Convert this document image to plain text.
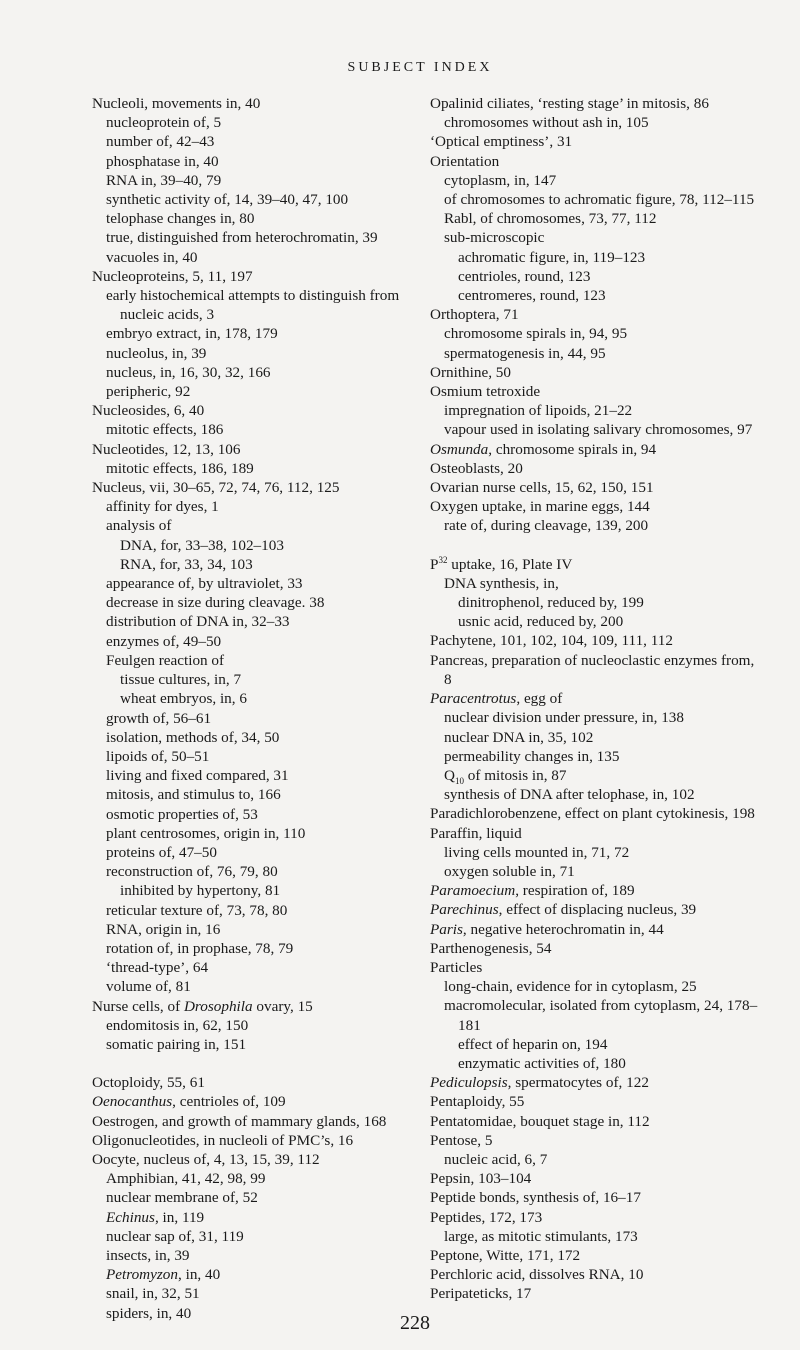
SUBJECT INDEX
Nucleoli, movements in, 40
nucleoprotein of, 5
number of, 42–43
phosphatase in, 40
RNA in, 39–40, 79
synthetic activity of, 14, 39–40, 47, 100
telophase changes in, 80
true, distinguished from heterochromatin, 39
vacuoles in, 40
Nucleoproteins, 5, 11, 197
early histochemical attempts to distinguish from nucleic acids, 3
embryo extract, in, 178, 179
nucleolus, in, 39
nucleus, in, 16, 30, 32, 166
peripheric, 92
Nucleosides, 6, 40
mitotic effects, 186
Nucleotides, 12, 13, 106
mitotic effects, 186, 189
Nucleus, vii, 30–65, 72, 74, 76, 112, 125
affinity for dyes, 1
analysis of
DNA, for, 33–38, 102–103
RNA, for, 33, 34, 103
appearance of, by ultraviolet, 33
decrease in size during cleavage. 38
distribution of DNA in, 32–33
enzymes of, 49–50
Feulgen reaction of
tissue cultures, in, 7
wheat embryos, in, 6
growth of, 56–61
isolation, methods of, 34, 50
lipoids of, 50–51
living and fixed compared, 31
mitosis, and stimulus to, 166
osmotic properties of, 53
plant centrosomes, origin in, 110
proteins of, 47–50
reconstruction of, 76, 79, 80
inhibited by hypertony, 81
reticular texture of, 73, 78, 80
RNA, origin in, 16
rotation of, in prophase, 78, 79
‘thread-type’, 64
volume of, 81
Nurse cells, of Drosophila ovary, 15
endomitosis in, 62, 150
somatic pairing in, 151
Octoploidy, 55, 61
Oenocanthus, centrioles of, 109
Oestrogen, and growth of mammary glands, 168
Oligonucleotides, in nucleoli of PMC’s, 16
Oocyte, nucleus of, 4, 13, 15, 39, 112
Amphibian, 41, 42, 98, 99
nuclear membrane of, 52
Echinus, in, 119
nuclear sap of, 31, 119
insects, in, 39
Petromyzon, in, 40
snail, in, 32, 51
spiders, in, 40
Opalinid ciliates, ‘resting stage’ in mitosis, 86
chromosomes without ash in, 105
‘Optical emptiness’, 31
Orientation
cytoplasm, in, 147
of chromosomes to achromatic figure, 78, 112–115
Rabl, of chromosomes, 73, 77, 112
sub-microscopic
achromatic figure, in, 119–123
centrioles, round, 123
centromeres, round, 123
Orthoptera, 71
chromosome spirals in, 94, 95
spermatogenesis in, 44, 95
Ornithine, 50
Osmium tetroxide
impregnation of lipoids, 21–22
vapour used in isolating salivary chromosomes, 97
Osmunda, chromosome spirals in, 94
Osteoblasts, 20
Ovarian nurse cells, 15, 62, 150, 151
Oxygen uptake, in marine eggs, 144
rate of, during cleavage, 139, 200
$P^{32}$ uptake, 16, Plate IV
DNA synthesis, in,
dinitrophenol, reduced by, 199
usnic acid, reduced by, 200
Pachytene, 101, 102, 104, 109, 111, 112
Pancreas, preparation of nucleoclastic enzymes from, 8
Paracentrotus, egg of
nuclear division under pressure, in, 138
nuclear DNA in, 35, 102
permeability changes in, 135
$Q_{10}$ of mitosis in, 87
synthesis of DNA after telophase, in, 102
Paradichlorobenzene, effect on plant cytokinesis, 198
Paraffin, liquid
living cells mounted in, 71, 72
oxygen soluble in, 71
Paramoecium, respiration of, 189
Parechinus, effect of displacing nucleus, 39
Paris, negative heterochromatin in, 44
Parthenogenesis, 54
Particles
long-chain, evidence for in cytoplasm, 25
macromolecular, isolated from cytoplasm, 24, 178–181
effect of heparin on, 194
enzymatic activities of, 180
Pediculopsis, spermatocytes of, 122
Pentaploidy, 55
Pentatomidae, bouquet stage in, 112
Pentose, 5
nucleic acid, 6, 7
Pepsin, 103–104
Peptide bonds, synthesis of, 16–17
Peptides, 172, 173
large, as mitotic stimulants, 173
Peptone, Witte, 171, 172
Perchloric acid, dissolves RNA, 10
Peripateticks, 17
228
